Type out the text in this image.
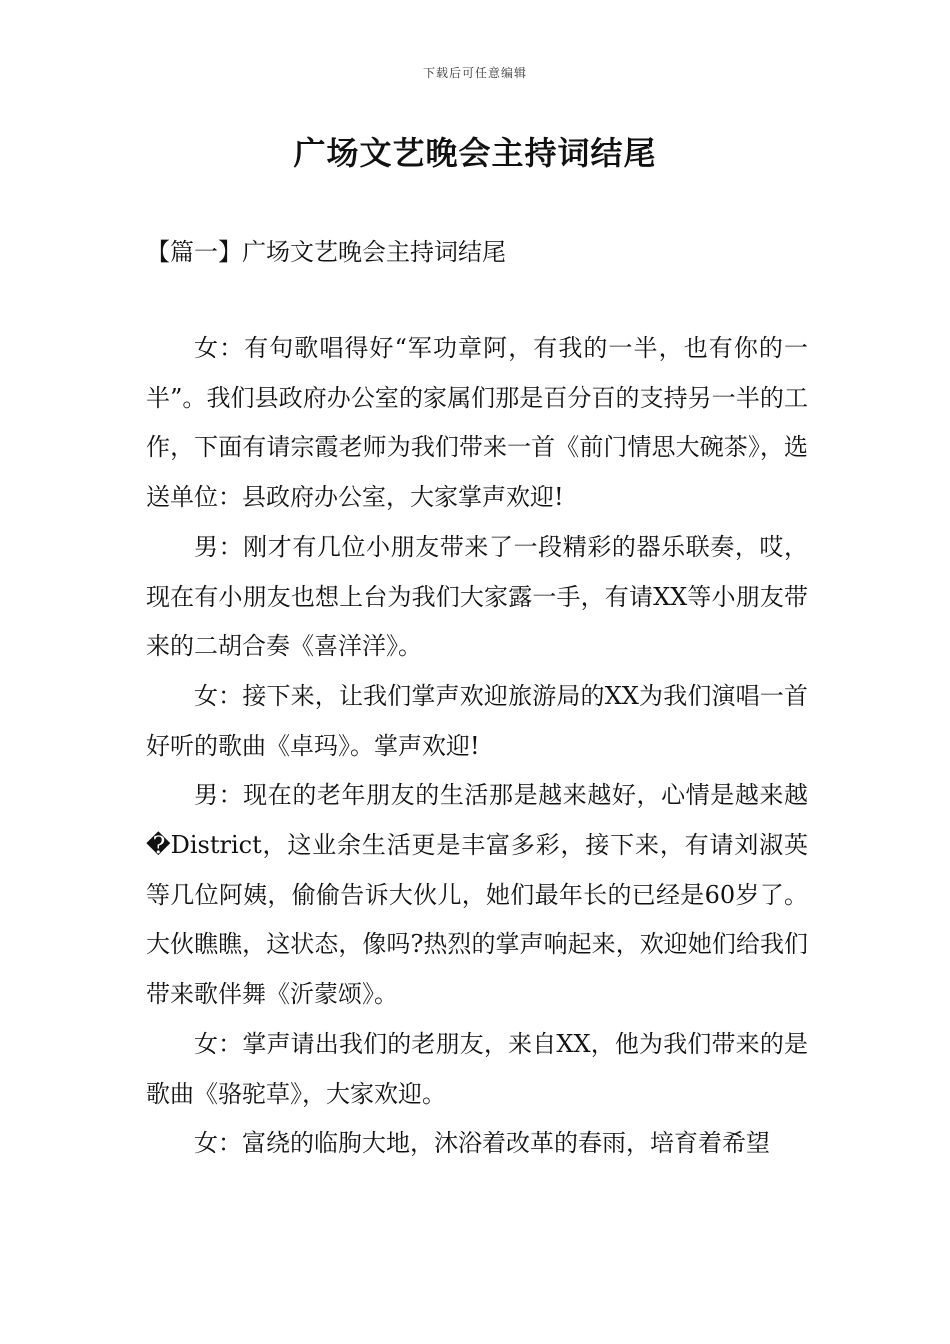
下载后可任意编辑
广场文艺晚会主持词结尾
【篇一】广场文艺晚会主持词结尾

女：有句歌唱得好“军功章阿，有我的一半，也有你的一半”。我们县政府办公室的家属们那是百分百的支持另一半的工作，下面有请宗霞老师为我们带来一首《前门情思大碗茶》，选送单位：县政府办公室，大家掌声欢迎!

男：刚才有几位小朋友带来了一段精彩的器乐联奏，哎，现在有小朋友也想上台为我们大家露一手，有请XX等小朋友带来的二胡合奏《喜洋洋》。

女：接下来，让我们掌声欢迎旅游局的XX为我们演唱一首好听的歌曲《卓玛》。掌声欢迎!

男：现在的老年朋友的生活那是越来越好，心情是越来越�District，这业余生活更是丰富多彩，接下来，有请刘淑英等几位阿姨，偷偷告诉大伙儿，她们最年长的已经是60岁了。大伙瞧瞧，这状态，像吗?热烈的掌声响起来，欢迎她们给我们带来歌伴舞《沂蒙颂》。

女：掌声请出我们的老朋友，来自XX，他为我们带来的是歌曲《骆驼草》，大家欢迎。

女：富绕的临朐大地，沐浴着改革的春雨，培育着希望
